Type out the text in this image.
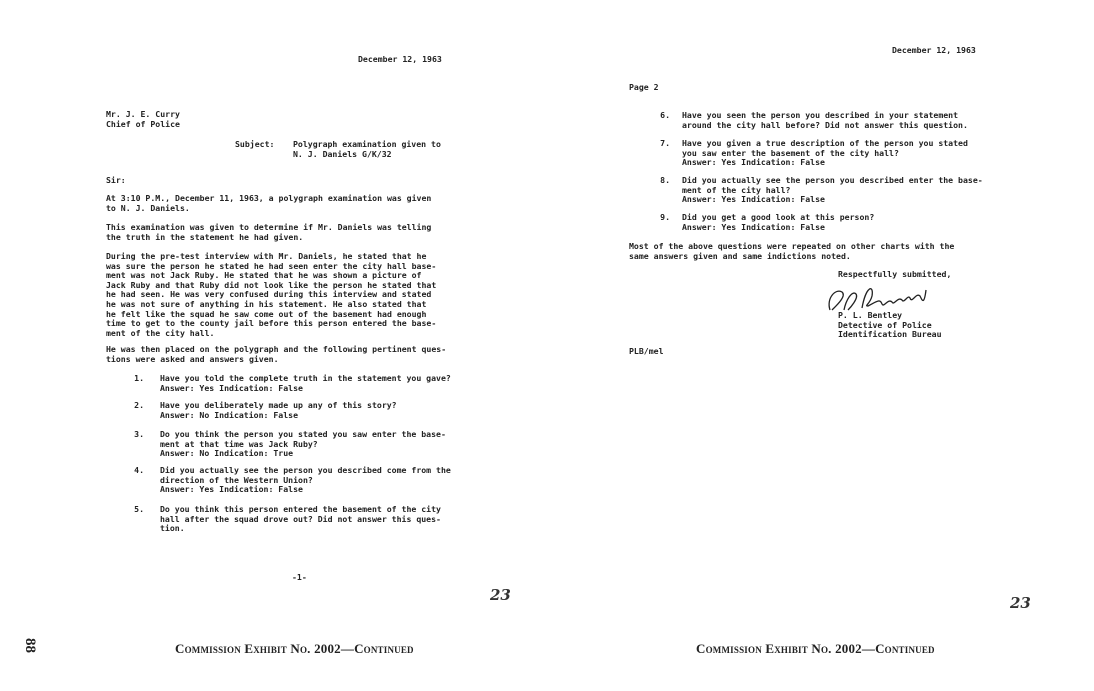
December 12, 1963
Mr. J. E. Curry
Chief of Police
Subject: Polygraph examination given to
N. J. Daniels G/K/32
Sir:
At 3:10 P.M., December 11, 1963, a polygraph examination was given
to N. J. Daniels.
This examination was given to determine if Mr. Daniels was telling
the truth in the statement he had given.
During the pre-test interview with Mr. Daniels, he stated that he
was sure the person he stated he had seen enter the city hall base-
ment was not Jack Ruby. He stated that he was shown a picture of
Jack Ruby and that Ruby did not look like the person he stated that
he had seen. He was very confused during this interview and stated
he was not sure of anything in his statement. He also stated that
he felt like the squad he saw come out of the basement had enough
time to get to the county jail before this person entered the base-
ment of the city hall.
He was then placed on the polygraph and the following pertinent ques-
tions were asked and answers given.
1. Have you told the complete truth in the statement you gave?
Answer: Yes Indication: False
2. Have you deliberately made up any of this story?
Answer: No Indication: False
3. Do you think the person you stated you saw enter the base-
ment at that time was Jack Ruby?
Answer: No Indication: True
4. Did you actually see the person you described come from the
direction of the Western Union?
Answer: Yes Indication: False
5. Do you think this person entered the basement of the city
hall after the squad drove out? Did not answer this ques-
tion.
-1-
23
Commission Exhibit No. 2002—Continued
88
December 12, 1963
Page 2
6. Have you seen the person you described in your statement
around the city hall before? Did not answer this question.
7. Have you given a true description of the person you stated
you saw enter the basement of the city hall?
Answer: Yes Indication: False
8. Did you actually see the person you described enter the base-
ment of the city hall?
Answer: Yes Indication: False
9. Did you get a good look at this person?
Answer: Yes Indication: False
Most of the above questions were repeated on other charts with the
same answers given and same indictions noted.
Respectfully submitted,
P. L. Bentley
Detective of Police
Identification Bureau
PLB/mel
23
Commission Exhibit No. 2002—Continued
